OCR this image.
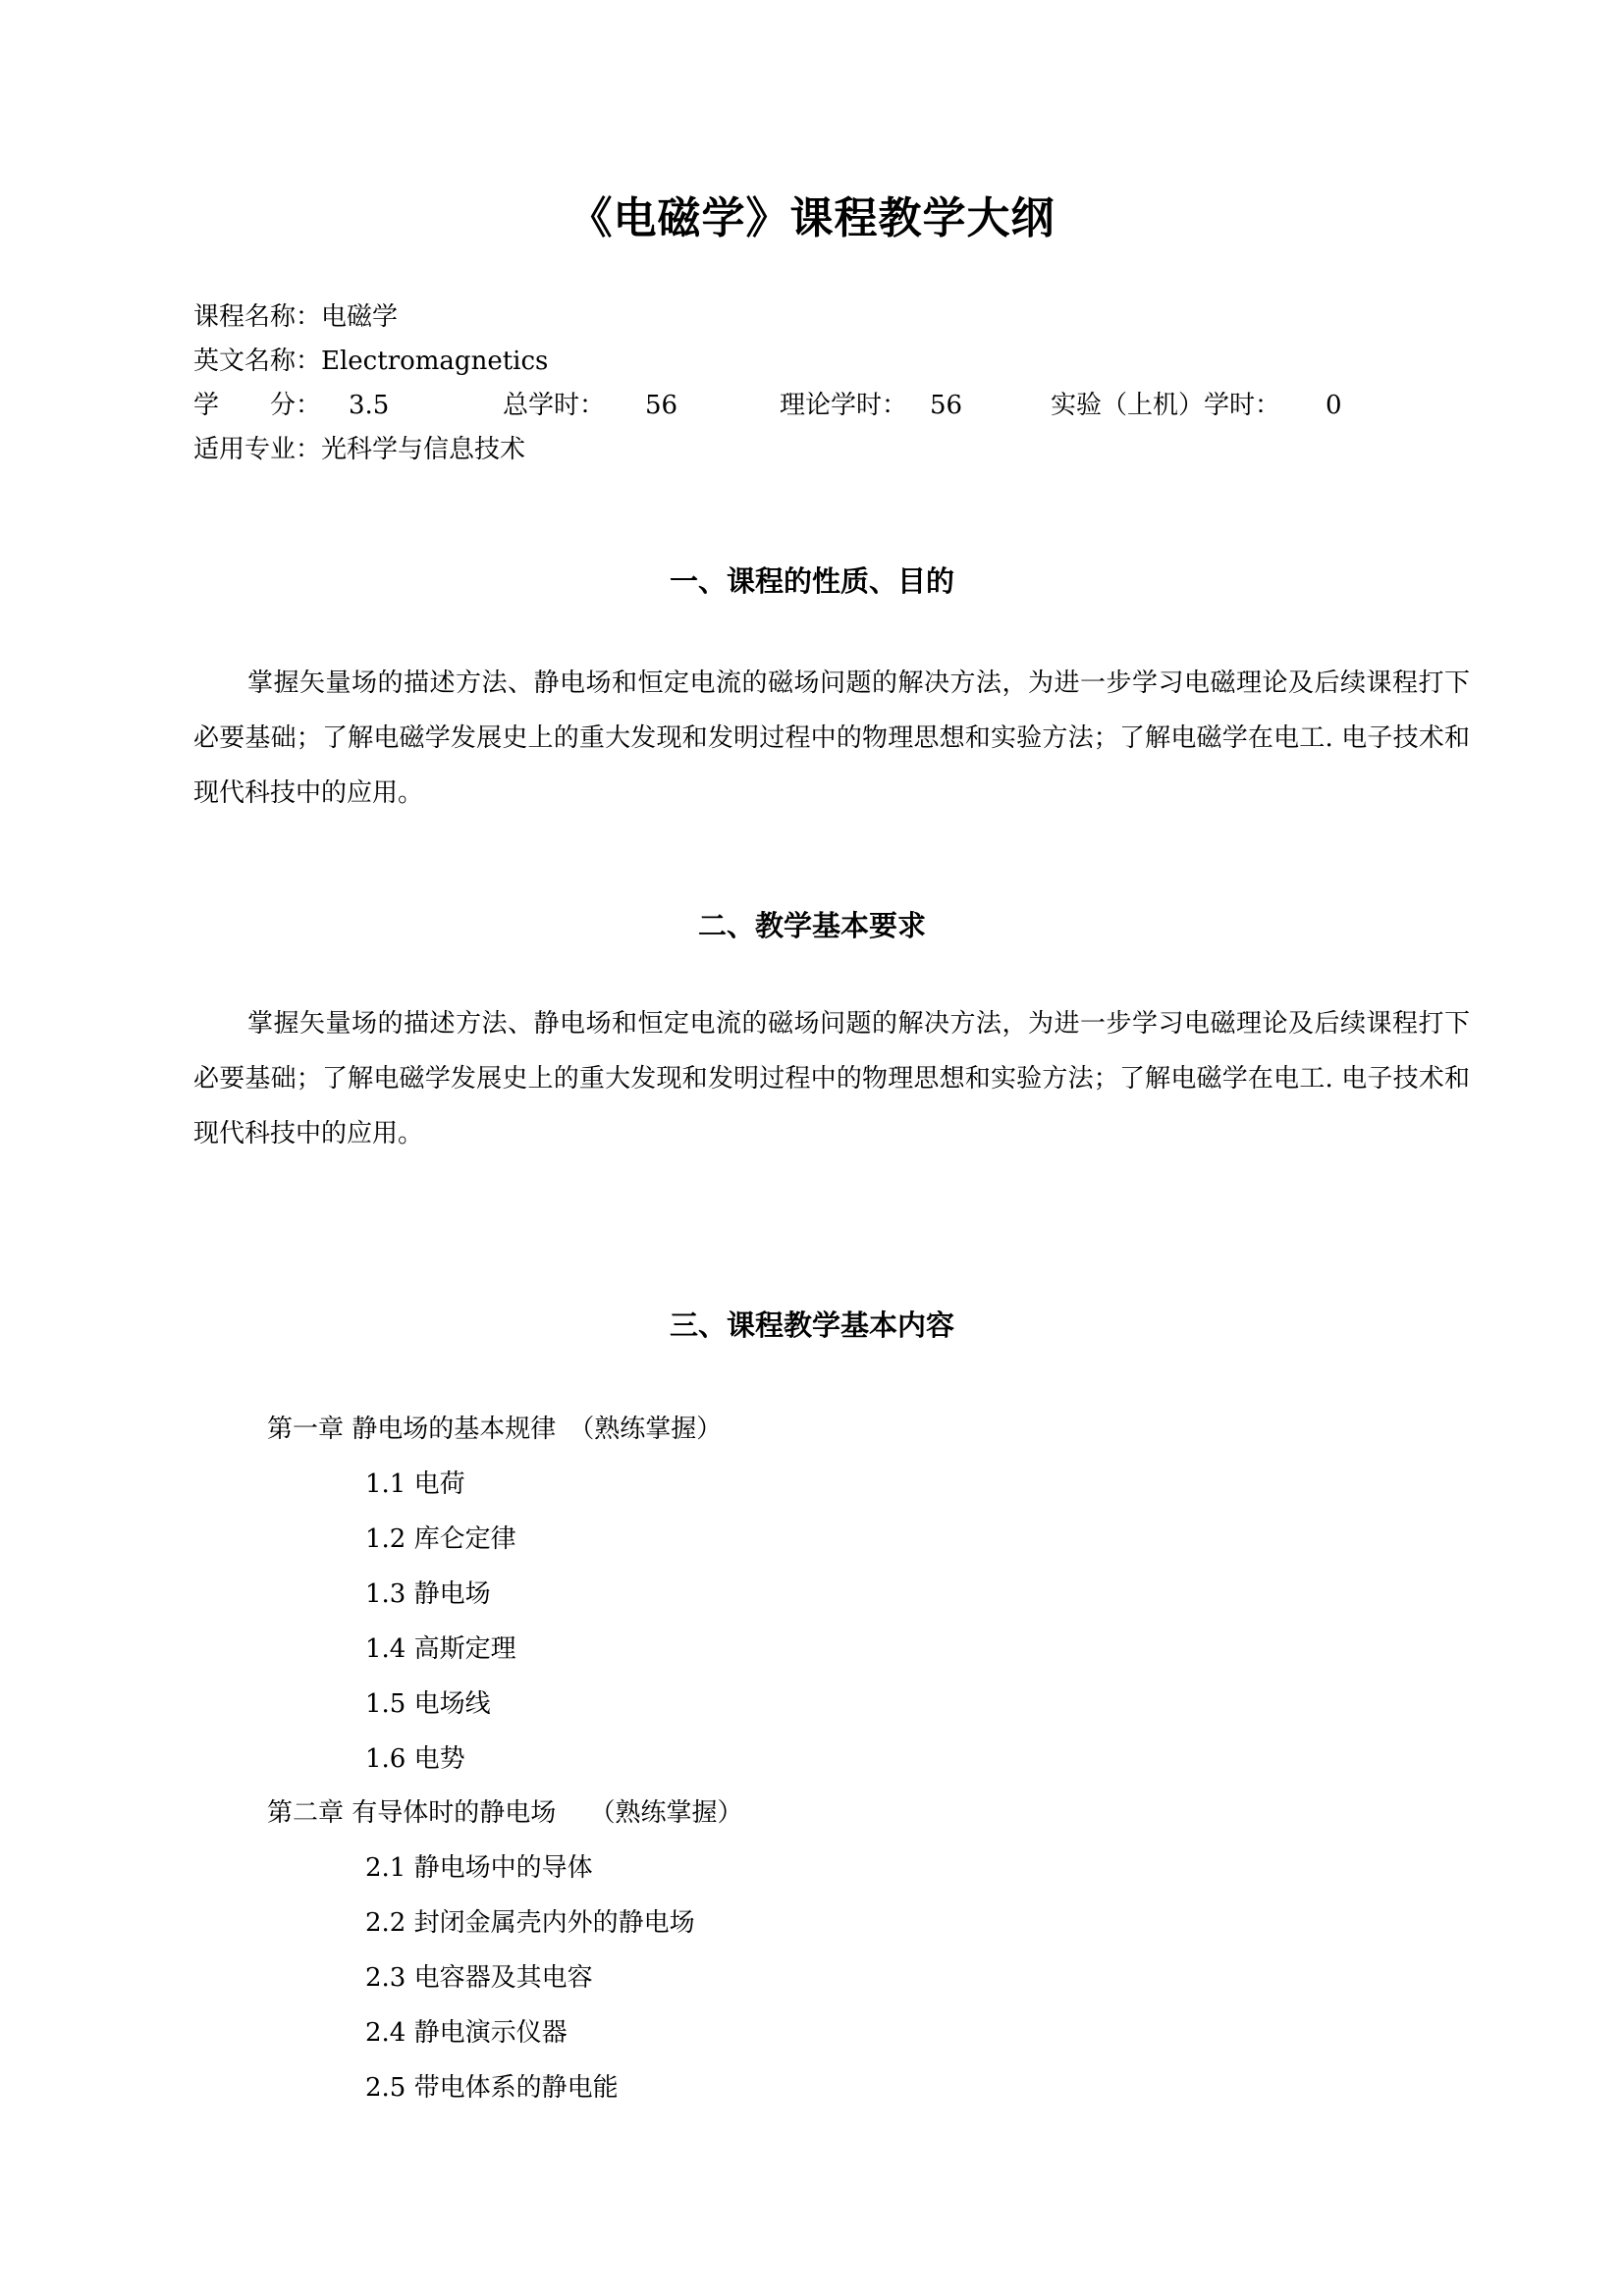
《电磁学》课程教学大纲
课程名称：电磁学
英文名称：Electromagnetics
学　　分： 3.5	总学时： 56	理论学时： 56	实验（上机）学时： 0
适用专业：光科学与信息技术
一、课程的性质、目的
掌握矢量场的描述方法、静电场和恒定电流的磁场问题的解决方法，为进一步学习电磁理论及后续课程打下必要基础；了解电磁学发展史上的重大发现和发明过程中的物理思想和实验方法；了解电磁学在电工. 电子技术和现代科技中的应用。
二、教学基本要求
掌握矢量场的描述方法、静电场和恒定电流的磁场问题的解决方法，为进一步学习电磁理论及后续课程打下必要基础；了解电磁学发展史上的重大发现和发明过程中的物理思想和实验方法；了解电磁学在电工. 电子技术和现代科技中的应用。
三、课程教学基本内容
第一章 静电场的基本规律　（熟练掌握）
1.1 电荷
1.2 库仑定律
1.3 静电场
1.4 高斯定理
1.5 电场线
1.6 电势
第二章 有导体时的静电场　 （熟练掌握）
2.1 静电场中的导体
2.2 封闭金属壳内外的静电场
2.3 电容器及其电容
2.4 静电演示仪器
2.5 带电体系的静电能
